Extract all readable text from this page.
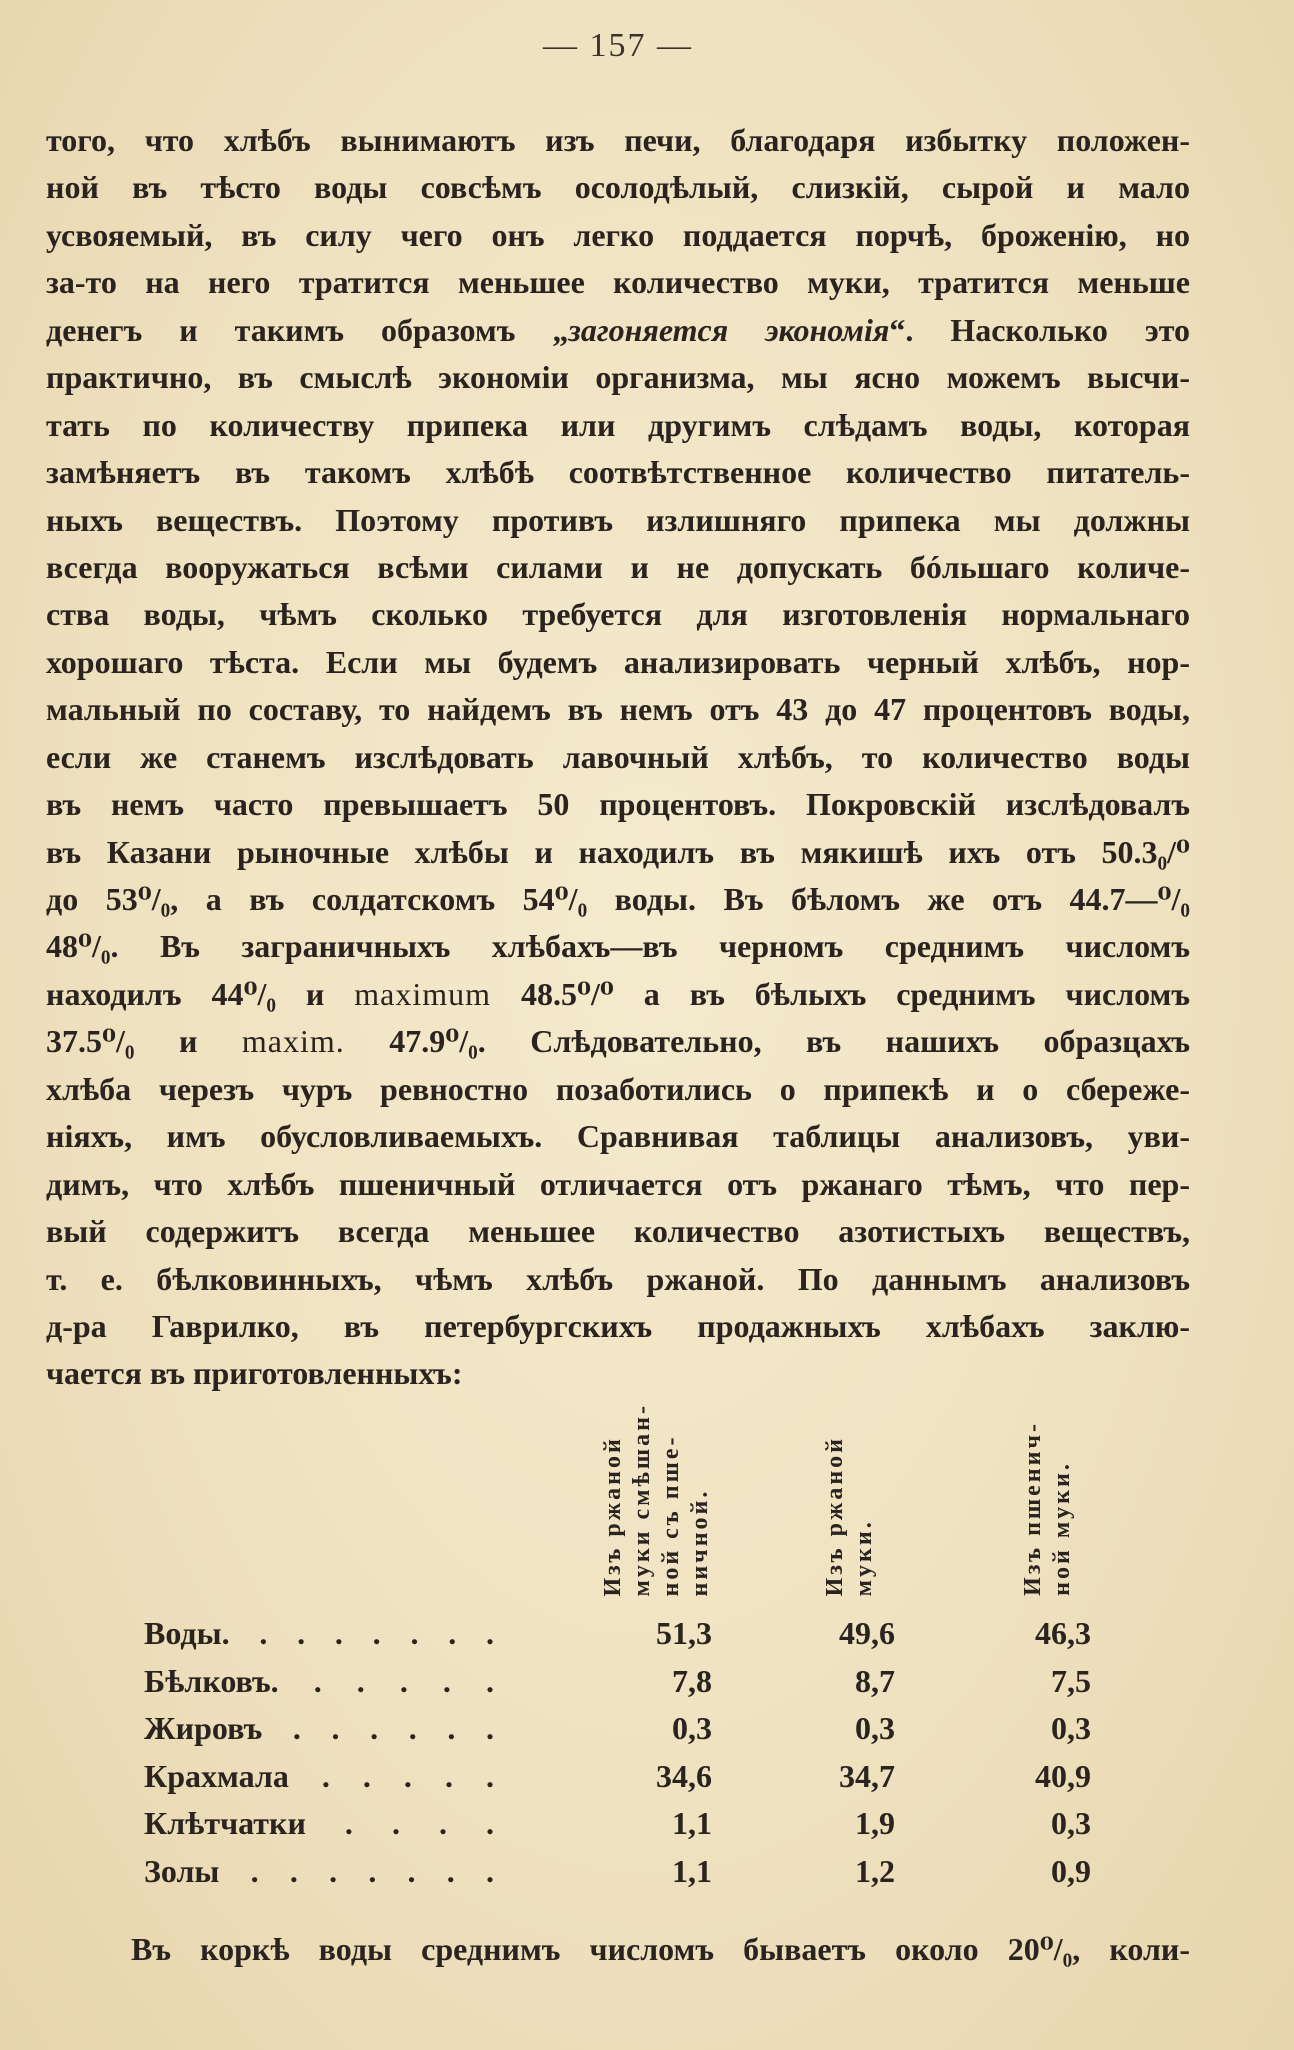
— 157 —
того, что хлѣбъ вынимаютъ изъ печи, благодаря избытку положен-
ной въ тѣсто воды совсѣмъ осолодѣлый, слизкій, сырой и мало
усвояемый, въ силу чего онъ легко поддается порчѣ, броженію, но
за-то на него тратится меньшее количество муки, тратится меньше
денегъ и такимъ образомъ „загоняется экономія“. Насколько это
практично, въ смыслѣ экономіи организма, мы ясно можемъ высчи-
тать по количеству припека или другимъ слѣдамъ воды, которая
замѣняетъ въ такомъ хлѣбѣ соотвѣтственное количество питатель-
ныхъ веществъ. Поэтому противъ излишняго припека мы должны
всегда вооружаться всѣми силами и не допускать бóльшаго количе-
ства воды, чѣмъ сколько требуется для изготовленія нормальнаго
хорошаго тѣста. Если мы будемъ анализировать черный хлѣбъ, нор-
мальный по составу, то найдемъ въ немъ отъ 43 до 47 процентовъ воды,
если же станемъ изслѣдовать лавочный хлѣбъ, то количество воды
въ немъ часто превышаетъ 50 процентовъ. Покровскій изслѣдовалъ
въ Казани рыночные хлѣбы и находилъ въ мякишѣ ихъ отъ 50.3₀/⁰
до 53⁰/₀, а въ солдатскомъ 54⁰/₀ воды. Въ бѣломъ же отъ 44.7—⁰/₀
48⁰/₀. Въ заграничныхъ хлѣбахъ—въ черномъ среднимъ числомъ
находилъ 44⁰/₀ и maximum 48.5⁰/⁰ а въ бѣлыхъ среднимъ числомъ
37.5⁰/₀ и maxim. 47.9⁰/₀. Слѣдовательно, въ нашихъ образцахъ
хлѣба черезъ чуръ ревностно позаботились о припекѣ и о сбереже-
ніяхъ, имъ обусловливаемыхъ. Сравнивая таблицы анализовъ, уви-
димъ, что хлѣбъ пшеничный отличается отъ ржанаго тѣмъ, что пер-
вый содержитъ всегда меньшее количество азотистыхъ веществъ,
т. е. бѣлковинныхъ, чѣмъ хлѣбъ ржаной. По даннымъ анализовъ
д-ра Гаврилко, въ петербургскихъ продажныхъ хлѣбахъ заклю-
чается въ приготовленныхъ:
Изъ ржаной муки смѣшан- ной съ пше- ничной.	Изъ ржаной муки.	Изъ пшенич- ной муки.
Воды. . . . . . . .	51,3	49,6	46,3
Бѣлковъ. . . . . .	7,8	8,7	7,5
Жировъ . . . . . .	0,3	0,3	0,3
Крахмала . . . . .	34,6	34,7	40,9
Клѣтчатки . . . .	1,1	1,9	0,3
Золы . . . . . . .	1,1	1,2	0,9
Въ коркѣ воды среднимъ числомъ бываетъ около 20⁰/₀, коли-
